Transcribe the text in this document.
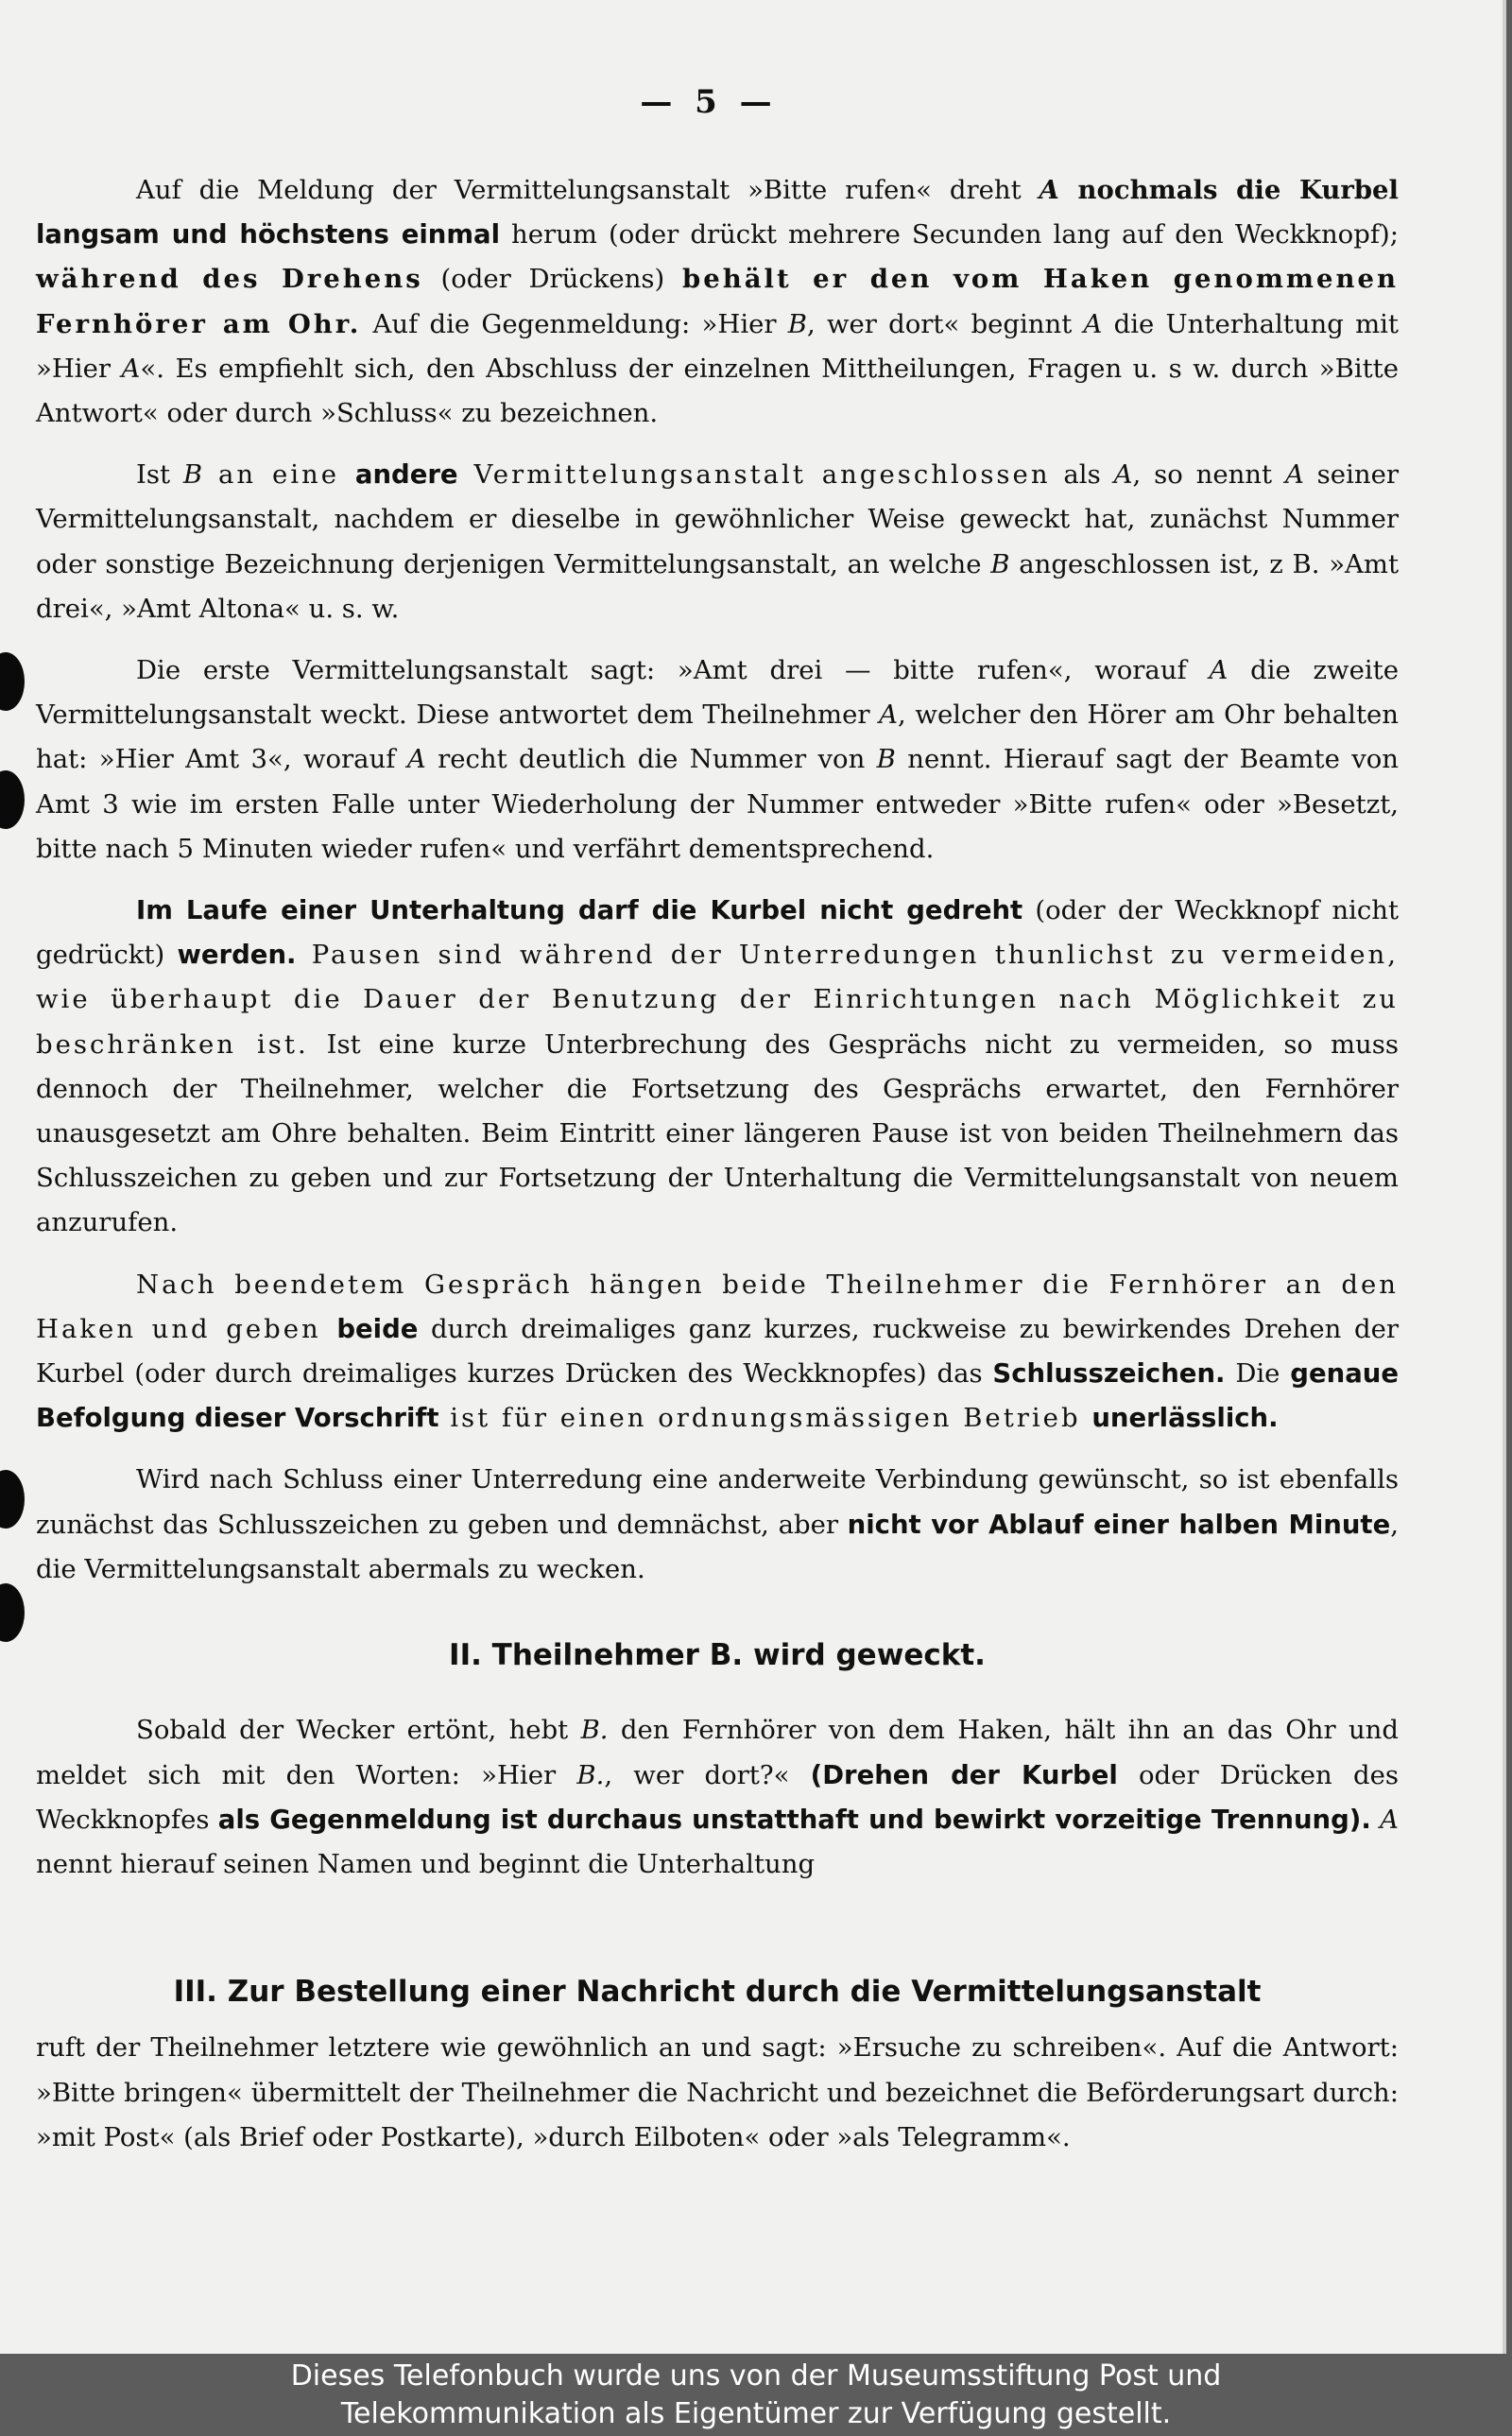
— 5 —

Auf die Meldung der Vermittelungsanstalt »Bitte rufen« dreht A nochmals die Kurbel langsam und höchstens einmal herum (oder drückt mehrere Secunden lang auf den Weckknopf); während des Drehens (oder Drückens) behält er den vom Haken genommenen Fernhörer am Ohr. Auf die Gegenmeldung: »Hier B, wer dort« beginnt A die Unterhaltung mit »Hier A«. Es empfiehlt sich, den Abschluss der einzelnen Mittheilungen, Fragen u. s w. durch »Bitte Antwort« oder durch »Schluss« zu bezeichnen.

Ist B an eine andere Vermittelungsanstalt angeschlossen als A, so nennt A seiner Vermittelungsanstalt, nachdem er dieselbe in gewöhnlicher Weise geweckt hat, zunächst Nummer oder sonstige Bezeichnung derjenigen Vermittelungsanstalt, an welche B angeschlossen ist, z B. »Amt drei«, »Amt Altona« u. s. w.

Die erste Vermittelungsanstalt sagt: »Amt drei — bitte rufen«, worauf A die zweite Vermittelungsanstalt weckt. Diese antwortet dem Theilnehmer A, welcher den Hörer am Ohr behalten hat: »Hier Amt 3«, worauf A recht deutlich die Nummer von B nennt. Hierauf sagt der Beamte von Amt 3 wie im ersten Falle unter Wiederholung der Nummer entweder »Bitte rufen« oder »Besetzt, bitte nach 5 Minuten wieder rufen« und verfährt dementsprechend.

Im Laufe einer Unterhaltung darf die Kurbel nicht gedreht (oder der Weckknopf nicht gedrückt) werden. Pausen sind während der Unterredungen thunlichst zu vermeiden, wie überhaupt die Dauer der Benutzung der Einrichtungen nach Möglichkeit zu beschränken ist. Ist eine kurze Unterbrechung des Gesprächs nicht zu vermeiden, so muss dennoch der Theilnehmer, welcher die Fortsetzung des Gesprächs erwartet, den Fernhörer unausgesetzt am Ohre behalten. Beim Eintritt einer längeren Pause ist von beiden Theilnehmern das Schlusszeichen zu geben und zur Fortsetzung der Unterhaltung die Vermittelungsanstalt von neuem anzurufen.

Nach beendetem Gespräch hängen beide Theilnehmer die Fernhörer an den Haken und geben beide durch dreimaliges ganz kurzes, ruckweise zu bewirkendes Drehen der Kurbel (oder durch dreimaliges kurzes Drücken des Weckknopfes) das Schlusszeichen. Die genaue Befolgung dieser Vorschrift ist für einen ordnungsmässigen Betrieb unerlässlich.

Wird nach Schluss einer Unterredung eine anderweite Verbindung gewünscht, so ist ebenfalls zunächst das Schlusszeichen zu geben und demnächst, aber nicht vor Ablauf einer halben Minute, die Vermittelungsanstalt abermals zu wecken.

II. Theilnehmer B. wird geweckt.

Sobald der Wecker ertönt, hebt B. den Fernhörer von dem Haken, hält ihn an das Ohr und meldet sich mit den Worten: »Hier B., wer dort?« (Drehen der Kurbel oder Drücken des Weckknopfes als Gegenmeldung ist durchaus unstatthaft und bewirkt vorzeitige Trennung). A nennt hierauf seinen Namen und beginnt die Unterhaltung

III. Zur Bestellung einer Nachricht durch die Vermittelungsanstalt

ruft der Theilnehmer letztere wie gewöhnlich an und sagt: »Ersuche zu schreiben«. Auf die Antwort: »Bitte bringen« übermittelt der Theilnehmer die Nachricht und bezeichnet die Beförderungsart durch: »mit Post« (als Brief oder Postkarte), »durch Eilboten« oder »als Telegramm«.

Dieses Telefonbuch wurde uns von der Museumsstiftung Post und
Telekommunikation als Eigentümer zur Verfügung gestellt.
